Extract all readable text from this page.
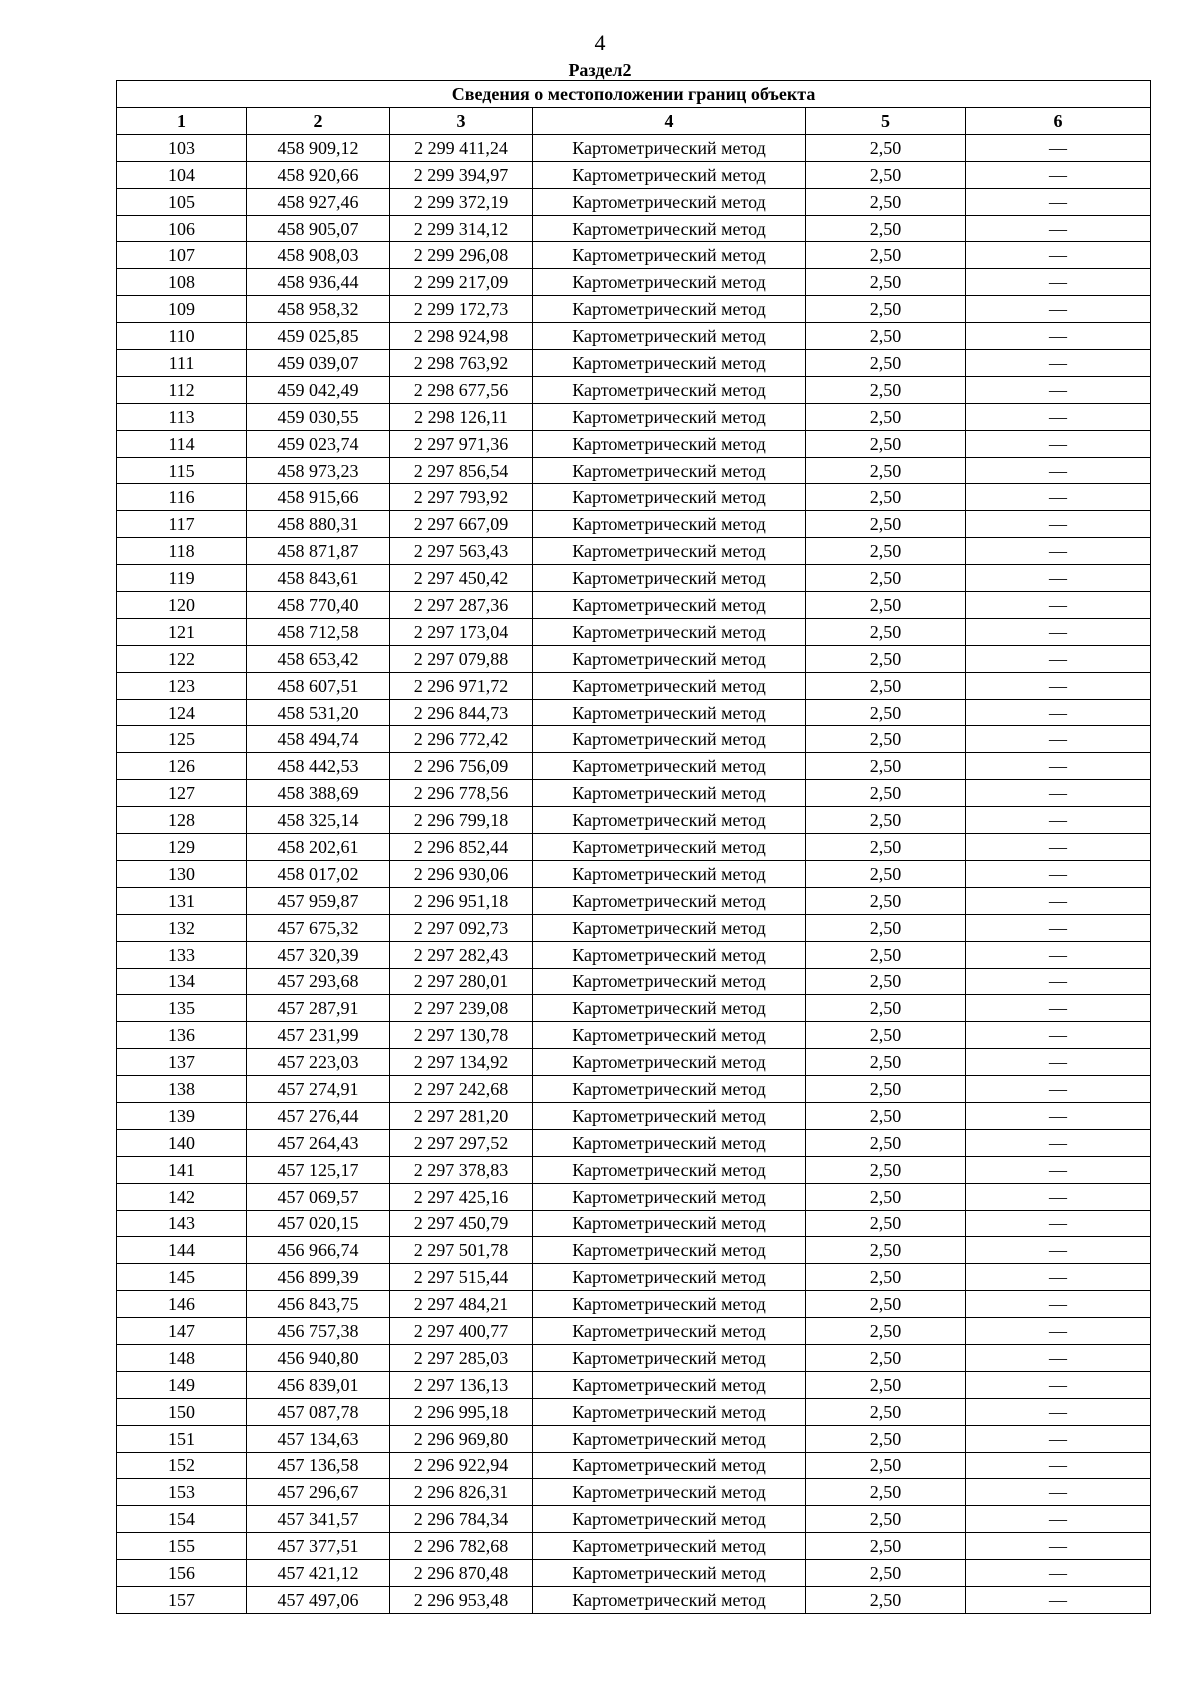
4
Раздел2
Сведения о местоположении границ объекта					
1	2	3	4	5	6
103	458 909,12	2 299 411,24	Картометрический метод	2,50	—
104	458 920,66	2 299 394,97	Картометрический метод	2,50	—
105	458 927,46	2 299 372,19	Картометрический метод	2,50	—
106	458 905,07	2 299 314,12	Картометрический метод	2,50	—
107	458 908,03	2 299 296,08	Картометрический метод	2,50	—
108	458 936,44	2 299 217,09	Картометрический метод	2,50	—
109	458 958,32	2 299 172,73	Картометрический метод	2,50	—
110	459 025,85	2 298 924,98	Картометрический метод	2,50	—
111	459 039,07	2 298 763,92	Картометрический метод	2,50	—
112	459 042,49	2 298 677,56	Картометрический метод	2,50	—
113	459 030,55	2 298 126,11	Картометрический метод	2,50	—
114	459 023,74	2 297 971,36	Картометрический метод	2,50	—
115	458 973,23	2 297 856,54	Картометрический метод	2,50	—
116	458 915,66	2 297 793,92	Картометрический метод	2,50	—
117	458 880,31	2 297 667,09	Картометрический метод	2,50	—
118	458 871,87	2 297 563,43	Картометрический метод	2,50	—
119	458 843,61	2 297 450,42	Картометрический метод	2,50	—
120	458 770,40	2 297 287,36	Картометрический метод	2,50	—
121	458 712,58	2 297 173,04	Картометрический метод	2,50	—
122	458 653,42	2 297 079,88	Картометрический метод	2,50	—
123	458 607,51	2 296 971,72	Картометрический метод	2,50	—
124	458 531,20	2 296 844,73	Картометрический метод	2,50	—
125	458 494,74	2 296 772,42	Картометрический метод	2,50	—
126	458 442,53	2 296 756,09	Картометрический метод	2,50	—
127	458 388,69	2 296 778,56	Картометрический метод	2,50	—
128	458 325,14	2 296 799,18	Картометрический метод	2,50	—
129	458 202,61	2 296 852,44	Картометрический метод	2,50	—
130	458 017,02	2 296 930,06	Картометрический метод	2,50	—
131	457 959,87	2 296 951,18	Картометрический метод	2,50	—
132	457 675,32	2 297 092,73	Картометрический метод	2,50	—
133	457 320,39	2 297 282,43	Картометрический метод	2,50	—
134	457 293,68	2 297 280,01	Картометрический метод	2,50	—
135	457 287,91	2 297 239,08	Картометрический метод	2,50	—
136	457 231,99	2 297 130,78	Картометрический метод	2,50	—
137	457 223,03	2 297 134,92	Картометрический метод	2,50	—
138	457 274,91	2 297 242,68	Картометрический метод	2,50	—
139	457 276,44	2 297 281,20	Картометрический метод	2,50	—
140	457 264,43	2 297 297,52	Картометрический метод	2,50	—
141	457 125,17	2 297 378,83	Картометрический метод	2,50	—
142	457 069,57	2 297 425,16	Картометрический метод	2,50	—
143	457 020,15	2 297 450,79	Картометрический метод	2,50	—
144	456 966,74	2 297 501,78	Картометрический метод	2,50	—
145	456 899,39	2 297 515,44	Картометрический метод	2,50	—
146	456 843,75	2 297 484,21	Картометрический метод	2,50	—
147	456 757,38	2 297 400,77	Картометрический метод	2,50	—
148	456 940,80	2 297 285,03	Картометрический метод	2,50	—
149	456 839,01	2 297 136,13	Картометрический метод	2,50	—
150	457 087,78	2 296 995,18	Картометрический метод	2,50	—
151	457 134,63	2 296 969,80	Картометрический метод	2,50	—
152	457 136,58	2 296 922,94	Картометрический метод	2,50	—
153	457 296,67	2 296 826,31	Картометрический метод	2,50	—
154	457 341,57	2 296 784,34	Картометрический метод	2,50	—
155	457 377,51	2 296 782,68	Картометрический метод	2,50	—
156	457 421,12	2 296 870,48	Картометрический метод	2,50	—
157	457 497,06	2 296 953,48	Картометрический метод	2,50	—
